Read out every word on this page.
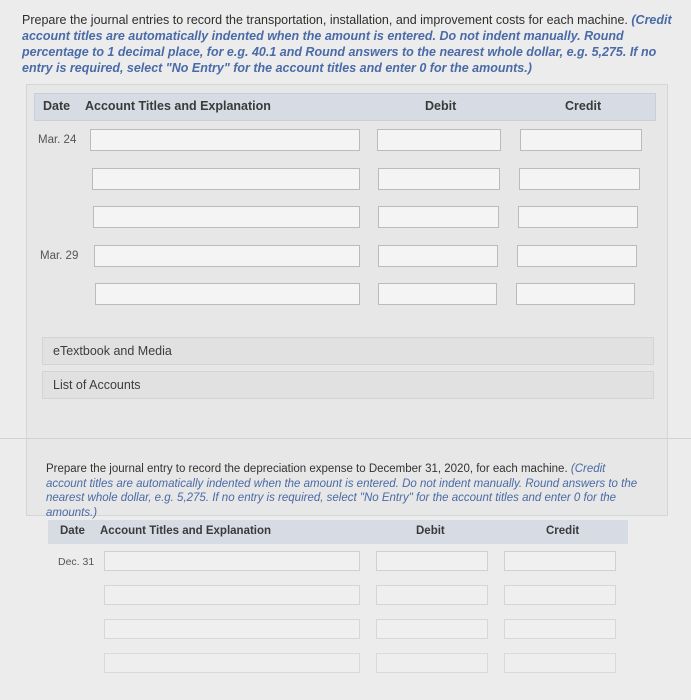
Prepare the journal entries to record the transportation, installation, and improvement costs for each machine. (Credit account titles are automatically indented when the amount is entered. Do not indent manually. Round percentage to 1 decimal place, for e.g. 40.1 and Round answers to the nearest whole dollar, e.g. 5,275. If no entry is required, select "No Entry" for the account titles and enter 0 for the amounts.)
Date Account Titles and Explanation	Debit	Credit
Mar. 24
Mar. 29
eTextbook and Media
List of Accounts
Prepare the journal entry to record the depreciation expense to December 31, 2020, for each machine. (Credit account titles are automatically indented when the amount is entered. Do not indent manually. Round answers to the nearest whole dollar, e.g. 5,275. If no entry is required, select "No Entry" for the account titles and enter 0 for the amounts.)
Date Account Titles and Explanation	Debit	Credit
Dec. 31
